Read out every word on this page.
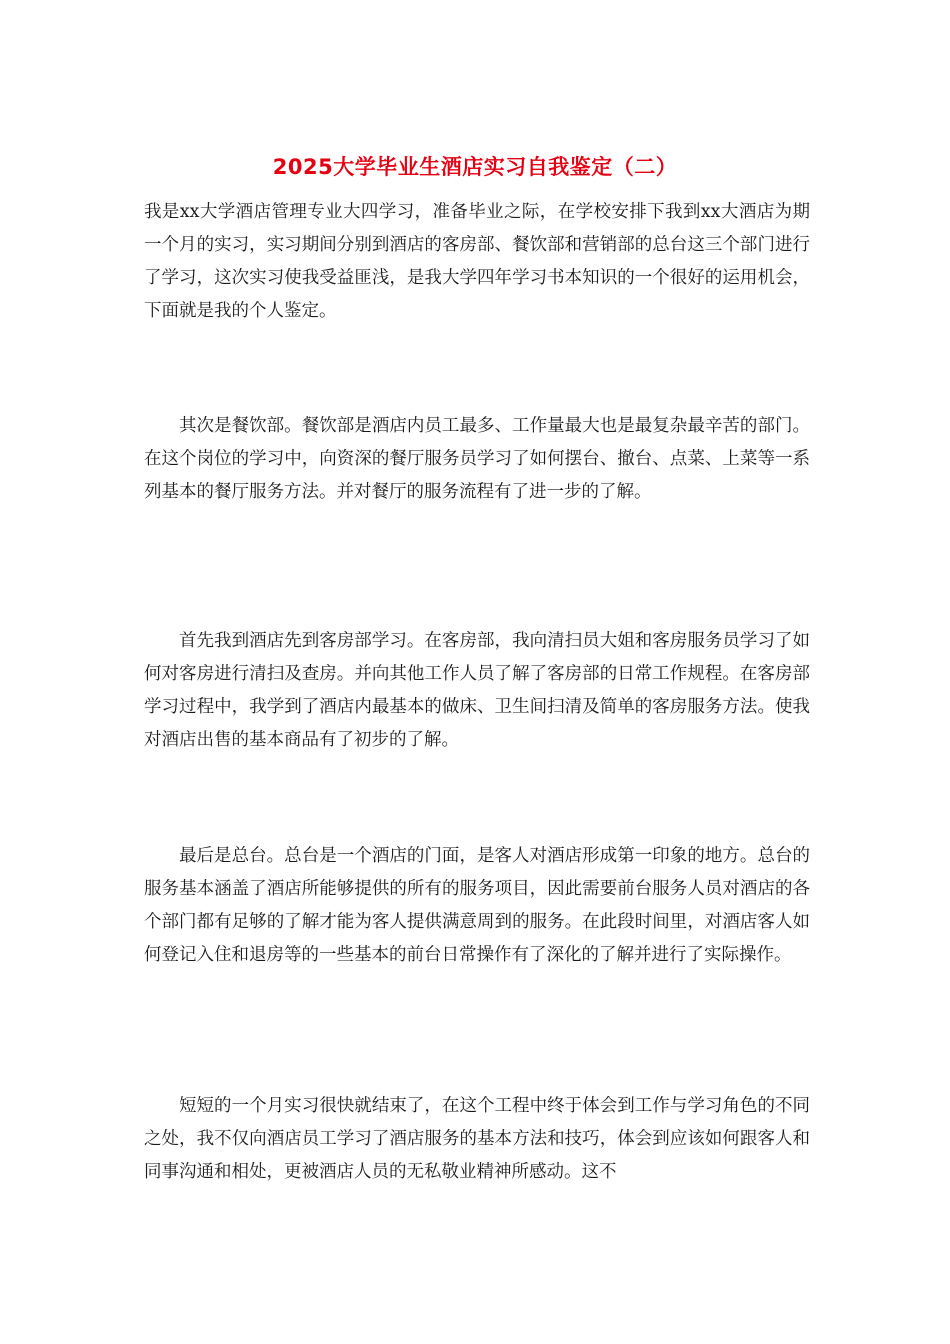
2025大学毕业生酒店实习自我鉴定（二）

我是xx大学酒店管理专业大四学习，准备毕业之际，在学校安排下我到xx大酒店为期一个月的实习，实习期间分别到酒店的客房部、餐饮部和营销部的总台这三个部门进行了学习，这次实习使我受益匪浅，是我大学四年学习书本知识的一个很好的运用机会，下面就是我的个人鉴定。

其次是餐饮部。餐饮部是酒店内员工最多、工作量最大也是最复杂最辛苦的部门。在这个岗位的学习中，向资深的餐厅服务员学习了如何摆台、撤台、点菜、上菜等一系列基本的餐厅服务方法。并对餐厅的服务流程有了进一步的了解。

首先我到酒店先到客房部学习。在客房部，我向清扫员大姐和客房服务员学习了如何对客房进行清扫及查房。并向其他工作人员了解了客房部的日常工作规程。在客房部学习过程中，我学到了酒店内最基本的做床、卫生间扫清及简单的客房服务方法。使我对酒店出售的基本商品有了初步的了解。

最后是总台。总台是一个酒店的门面，是客人对酒店形成第一印象的地方。总台的服务基本涵盖了酒店所能够提供的所有的服务项目，因此需要前台服务人员对酒店的各个部门都有足够的了解才能为客人提供满意周到的服务。在此段时间里，对酒店客人如何登记入住和退房等的一些基本的前台日常操作有了深化的了解并进行了实际操作。

短短的一个月实习很快就结束了，在这个工程中终于体会到工作与学习角色的不同之处，我不仅向酒店员工学习了酒店服务的基本方法和技巧，体会到应该如何跟客人和同事沟通和相处，更被酒店人员的无私敬业精神所感动。这不
